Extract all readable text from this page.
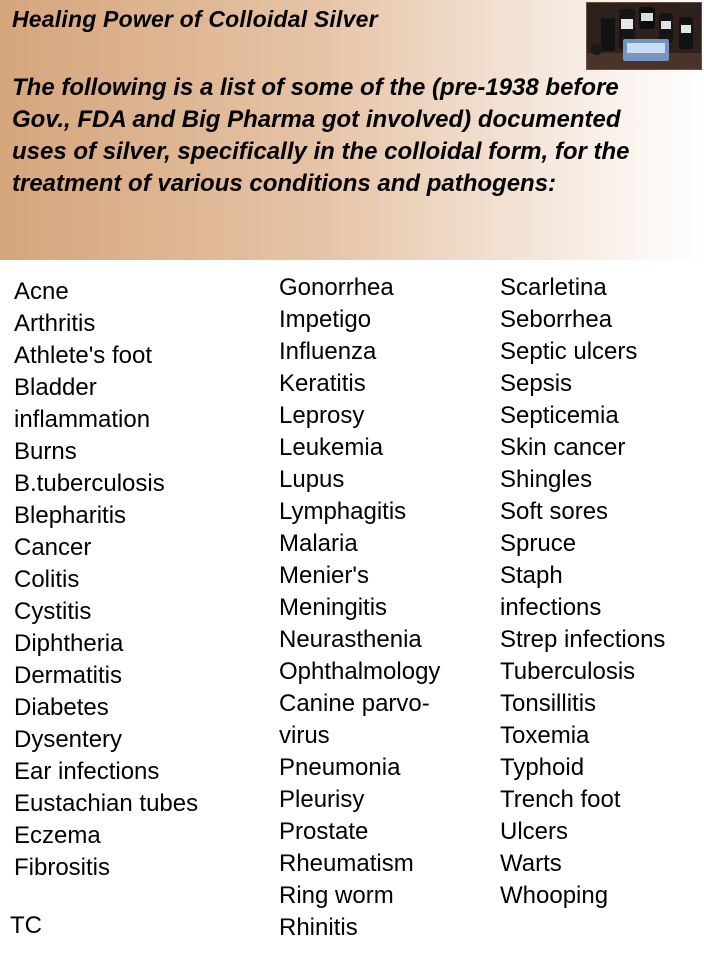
Healing Power of Colloidal Silver
The following is a list of some of the (pre-1938 before Gov., FDA and Big Pharma got involved) documented uses of silver, specifically in the colloidal form, for the treatment of various conditions and pathogens:
Acne
Arthritis
Athlete's foot
Bladder
inflammation
Burns
B.tuberculosis
Blepharitis
Cancer
Colitis
Cystitis
Diphtheria
Dermatitis
Diabetes
Dysentery
Ear infections
Eustachian tubes
Eczema
Fibrositis
Gonorrhea
Impetigo
Influenza
Keratitis
Leprosy
Leukemia
Lupus
Lymphagitis
Malaria
Menier's
Meningitis
Neurasthenia
Ophthalmology
Canine parvo-
virus
Pneumonia
Pleurisy
Prostate
Rheumatism
Ring worm
Rhinitis
Scarletina
Seborrhea
Septic ulcers
Sepsis
Septicemia
Skin cancer
Shingles
Soft sores
Spruce
Staph
infections
Strep infections
Tuberculosis
Tonsillitis
Toxemia
Typhoid
Trench foot
Ulcers
Warts
Whooping
TC
